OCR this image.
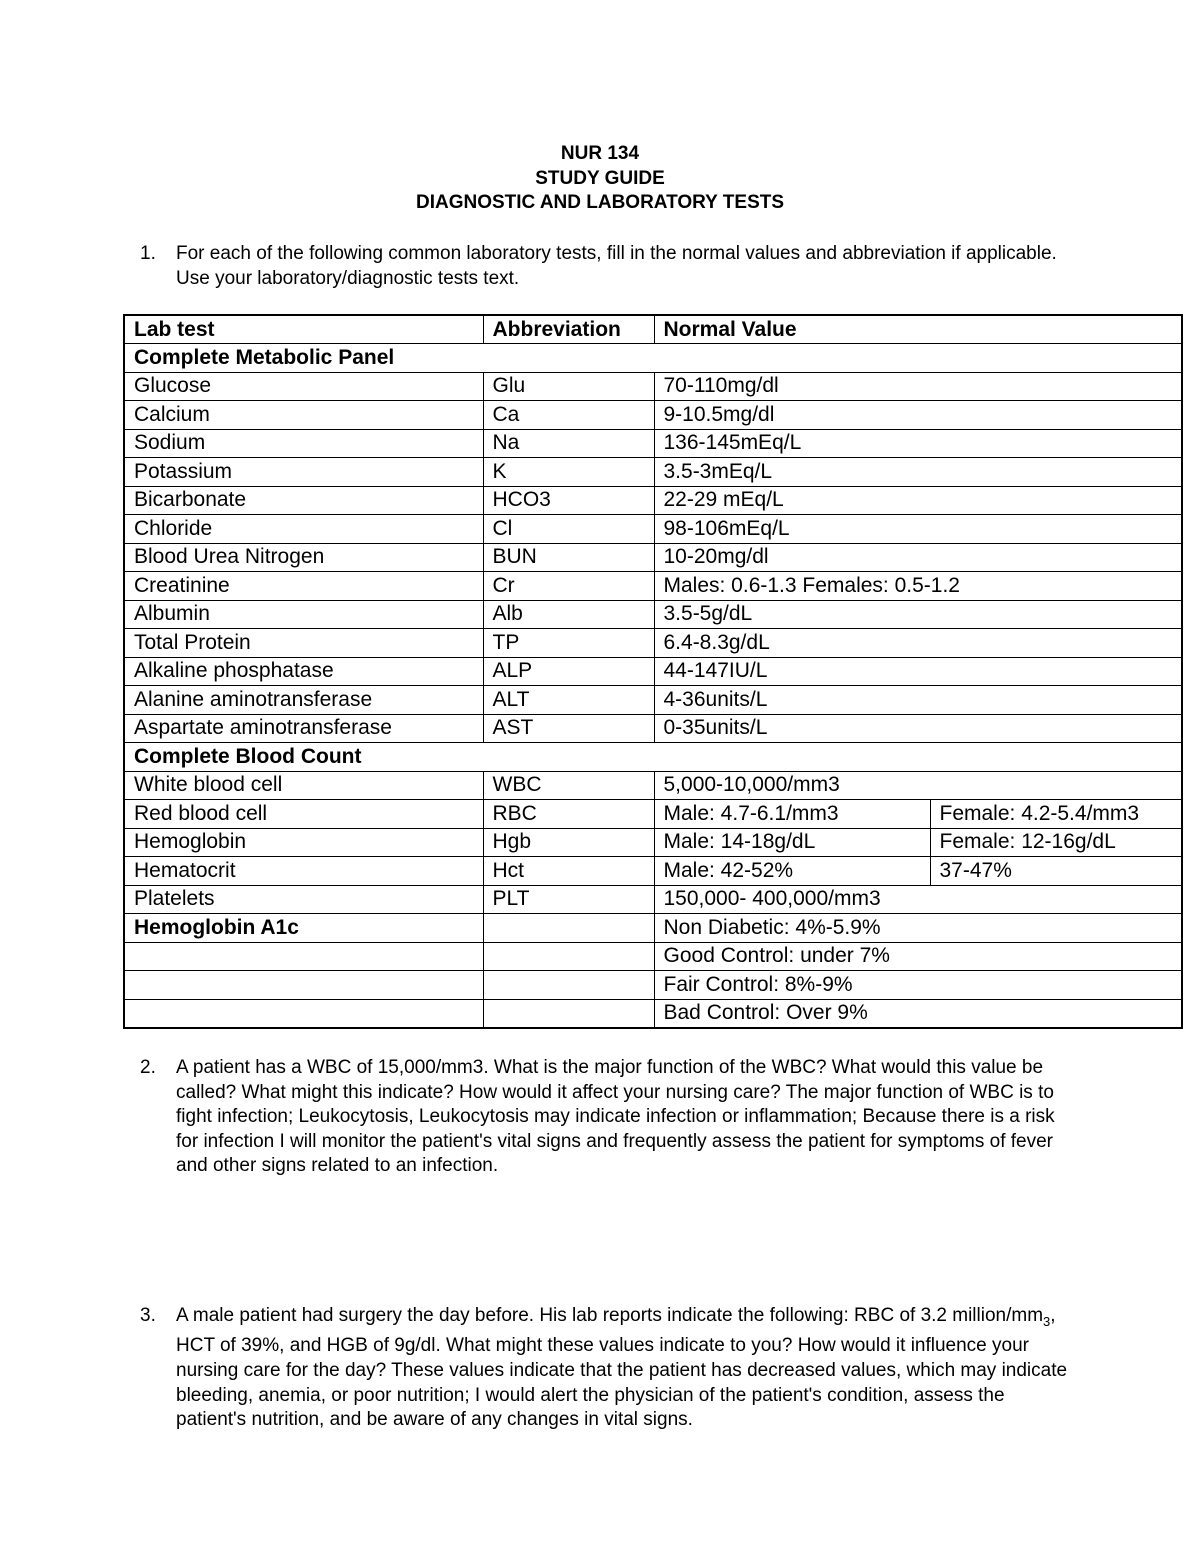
NUR 134
STUDY GUIDE
DIAGNOSTIC AND LABORATORY TESTS
1. For each of the following common laboratory tests, fill in the normal values and abbreviation if applicable. Use your laboratory/diagnostic tests text.
Lab test	Abbreviation	Normal Value	
Complete Metabolic Panel			
Glucose	Glu	70-110mg/dl	
Calcium	Ca	9-10.5mg/dl	
Sodium	Na	136-145mEq/L	
Potassium	K	3.5-3mEq/L	
Bicarbonate	HCO3	22-29 mEq/L	
Chloride	Cl	98-106mEq/L	
Blood Urea Nitrogen	BUN	10-20mg/dl	
Creatinine	Cr	Males: 0.6-1.3 Females: 0.5-1.2	
Albumin	Alb	3.5-5g/dL	
Total Protein	TP	6.4-8.3g/dL	
Alkaline phosphatase	ALP	44-147IU/L	
Alanine aminotransferase	ALT	4-36units/L	
Aspartate aminotransferase	AST	0-35units/L	
Complete Blood Count			
White blood cell	WBC	5,000-10,000/mm3	
Red blood cell	RBC	Male: 4.7-6.1/mm3	Female: 4.2-5.4/mm3
Hemoglobin	Hgb	Male: 14-18g/dL	Female: 12-16g/dL
Hematocrit	Hct	Male: 42-52%	37-47%
Platelets	PLT	150,000- 400,000/mm3	
Hemoglobin A1c		Non Diabetic: 4%-5.9%	
		Good Control: under 7%	
		Fair Control: 8%-9%	
		Bad Control: Over 9%	
2. A patient has a WBC of 15,000/mm3. What is the major function of the WBC? What would this value be called? What might this indicate? How would it affect your nursing care? The major function of WBC is to fight infection; Leukocytosis, Leukocytosis may indicate infection or inflammation; Because there is a risk for infection I will monitor the patient's vital signs and frequently assess the patient for symptoms of fever and other signs related to an infection.
3. A male patient had surgery the day before. His lab reports indicate the following: RBC of 3.2 million/$mm_3$, HCT of 39%, and HGB of 9g/dl. What might these values indicate to you? How would it influence your nursing care for the day? These values indicate that the patient has decreased values, which may indicate bleeding, anemia, or poor nutrition; I would alert the physician of the patient's condition, assess the patient's nutrition, and be aware of any changes in vital signs.
